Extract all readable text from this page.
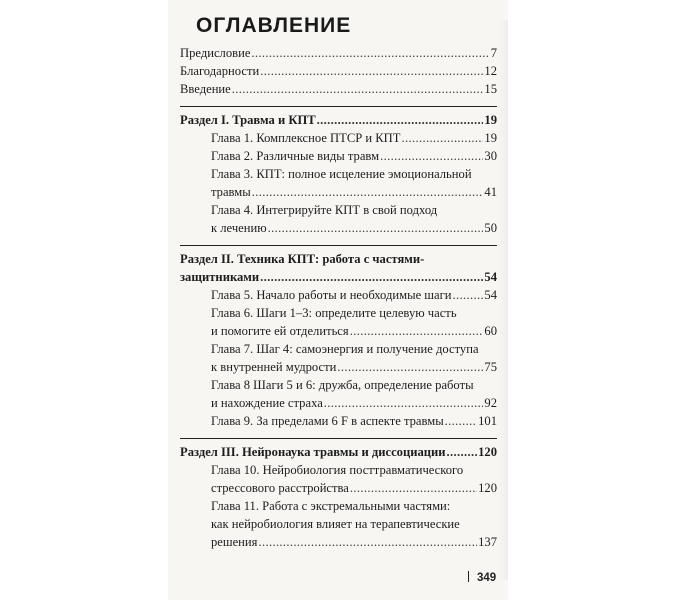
ОГЛАВЛЕНИЕ
Предисловие . . .	7
Благодарности . . .	12
Введение . . .	15
Раздел I. Травма и КПТ . . .	19
Глава 1. Комплексное ПТСР и КПТ . . .	19
Глава 2. Различные виды травм . . .	30
Глава 3. КПТ: полное исцеление эмоциональной
травмы . . .	41
Глава 4. Интегрируйте КПТ в свой подход
к лечению . . .	50
Раздел II. Техника КПТ: работа с частями-
защитниками . . .	54
Глава 5. Начало работы и необходимые шаги . . .	54
Глава 6. Шаги 1–3: определите целевую часть
и помогите ей отделиться . . .	60
Глава 7. Шаг 4: самоэнергия и получение доступа
к внутренней мудрости . . .	75
Глава 8 Шаги 5 и 6: дружба, определение работы
и нахождение страха . . .	92
Глава 9. За пределами 6 F в аспекте травмы . . .	101
Раздел III. Нейронаука травмы и диссоциации . . .	120
Глава 10. Нейробиология посттравматического
стрессового расстройства . . .	120
Глава 11. Работа с экстремальными частями:
как нейробиология влияет на терапевтические
решения . . .	137
349
